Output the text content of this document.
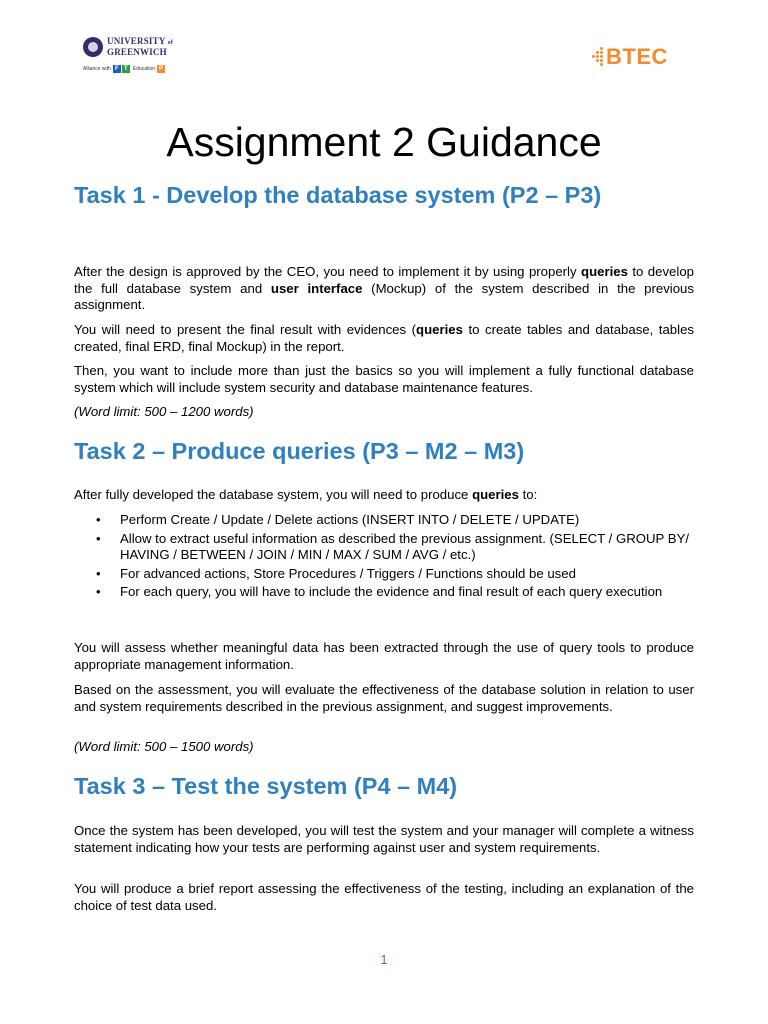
UNIVERSITY of
GREENWICH
Alliance with F	P
T	Education	BTEC
Assignment 2 Guidance
Task 1 - Develop the database system (P2 – P3)

After the design is approved by the CEO, you need to implement it by using properly queries to develop the full database system and user interface (Mockup) of the system described in the previous assignment.

You will need to present the final result with evidences (queries to create tables and database, tables created, final ERD, final Mockup) in the report.

Then, you want to include more than just the basics so you will implement a fully functional database system which will include system security and database maintenance features.

(Word limit: 500 – 1200 words)

Task 2 – Produce queries (P3 – M2 – M3)

After fully developed the database system, you will need to produce queries to:

• Perform Create / Update / Delete actions (INSERT INTO / DELETE / UPDATE)
• Allow to extract useful information as described the previous assignment. (SELECT / GROUP BY/ HAVING / BETWEEN / JOIN / MIN / MAX / SUM / AVG / etc.)
• For advanced actions, Store Procedures / Triggers / Functions should be used
• For each query, you will have to include the evidence and final result of each query execution

You will assess whether meaningful data has been extracted through the use of query tools to produce appropriate management information.

Based on the assessment, you will evaluate the effectiveness of the database solution in relation to user and system requirements described in the previous assignment, and suggest improvements.

(Word limit: 500 – 1500 words)

Task 3 – Test the system (P4 – M4)

Once the system has been developed, you will test the system and your manager will complete a witness statement indicating how your tests are performing against user and system requirements.

You will produce a brief report assessing the effectiveness of the testing, including an explanation of the choice of test data used.

1
